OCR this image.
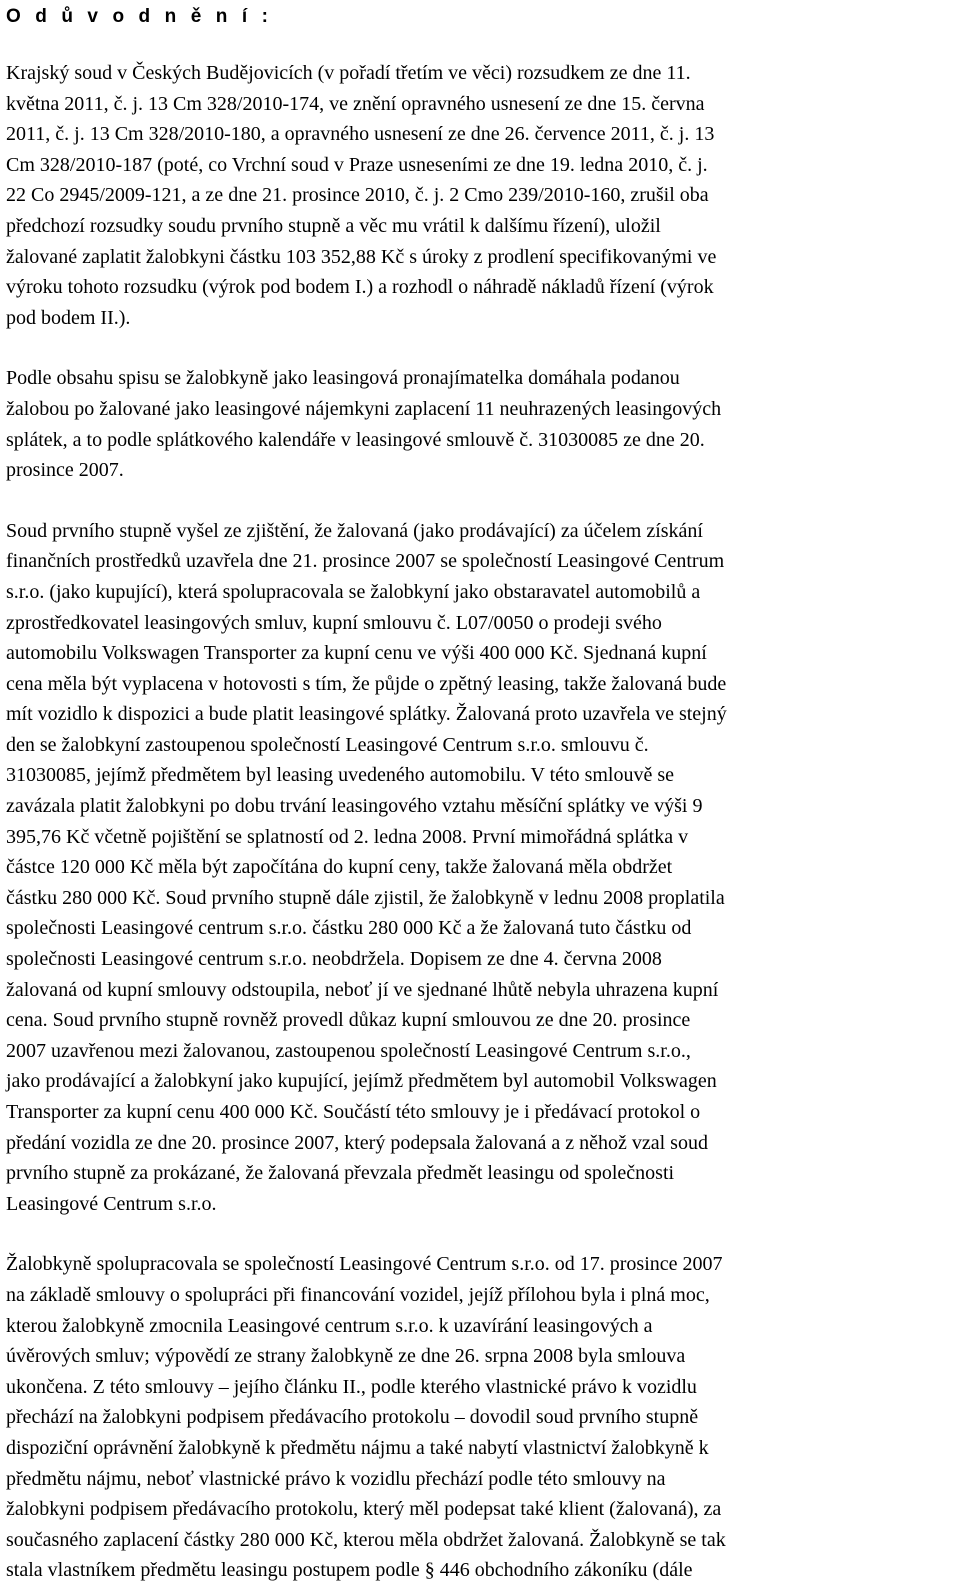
O d ů v o d n ě n í :

Krajský soud v Českých Budějovicích (v pořadí třetím ve věci) rozsudkem ze dne 11.
května 2011, č. j. 13 Cm 328/2010-174, ve znění opravného usnesení ze dne 15. června
2011, č. j. 13 Cm 328/2010-180, a opravného usnesení ze dne 26. července 2011, č. j. 13
Cm 328/2010-187 (poté, co Vrchní soud v Praze usneseními ze dne 19. ledna 2010, č. j.
22 Co 2945/2009-121, a ze dne 21. prosince 2010, č. j. 2 Cmo 239/2010-160, zrušil oba
předchozí rozsudky soudu prvního stupně a věc mu vrátil k dalšímu řízení), uložil
žalované zaplatit žalobkyni částku 103 352,88 Kč s úroky z prodlení specifikovanými ve
výroku tohoto rozsudku (výrok pod bodem I.) a rozhodl o náhradě nákladů řízení (výrok
pod bodem II.).

Podle obsahu spisu se žalobkyně jako leasingová pronajímatelka domáhala podanou
žalobou po žalované jako leasingové nájemkyni zaplacení 11 neuhrazených leasingových
splátek, a to podle splátkového kalendáře v leasingové smlouvě č. 31030085 ze dne 20.
prosince 2007.

Soud prvního stupně vyšel ze zjištění, že žalovaná (jako prodávající) za účelem získání
finančních prostředků uzavřela dne 21. prosince 2007 se společností Leasingové Centrum
s.r.o. (jako kupující), která spolupracovala se žalobkyní jako obstaravatel automobilů a
zprostředkovatel leasingových smluv, kupní smlouvu č. L07/0050 o prodeji svého
automobilu Volkswagen Transporter za kupní cenu ve výši 400 000 Kč. Sjednaná kupní
cena měla být vyplacena v hotovosti s tím, že půjde o zpětný leasing, takže žalovaná bude
mít vozidlo k dispozici a bude platit leasingové splátky. Žalovaná proto uzavřela ve stejný
den se žalobkyní zastoupenou společností Leasingové Centrum s.r.o. smlouvu č.
31030085, jejímž předmětem byl leasing uvedeného automobilu. V této smlouvě se
zavázala platit žalobkyni po dobu trvání leasingového vztahu měsíční splátky ve výši 9
395,76 Kč včetně pojištění se splatností od 2. ledna 2008. První mimořádná splátka v
částce 120 000 Kč měla být započítána do kupní ceny, takže žalovaná měla obdržet
částku 280 000 Kč. Soud prvního stupně dále zjistil, že žalobkyně v lednu 2008 proplatila
společnosti Leasingové centrum s.r.o. částku 280 000 Kč a že žalovaná tuto částku od
společnosti Leasingové centrum s.r.o. neobdržela. Dopisem ze dne 4. června 2008
žalovaná od kupní smlouvy odstoupila, neboť jí ve sjednané lhůtě nebyla uhrazena kupní
cena. Soud prvního stupně rovněž provedl důkaz kupní smlouvou ze dne 20. prosince
2007 uzavřenou mezi žalovanou, zastoupenou společností Leasingové Centrum s.r.o.,
jako prodávající a žalobkyní jako kupující, jejímž předmětem byl automobil Volkswagen
Transporter za kupní cenu 400 000 Kč. Součástí této smlouvy je i předávací protokol o
předání vozidla ze dne 20. prosince 2007, který podepsala žalovaná a z něhož vzal soud
prvního stupně za prokázané, že žalovaná převzala předmět leasingu od společnosti
Leasingové Centrum s.r.o.

Žalobkyně spolupracovala se společností Leasingové Centrum s.r.o. od 17. prosince 2007
na základě smlouvy o spolupráci při financování vozidel, jejíž přílohou byla i plná moc,
kterou žalobkyně zmocnila Leasingové centrum s.r.o. k uzavírání leasingových a
úvěrových smluv; výpovědí ze strany žalobkyně ze dne 26. srpna 2008 byla smlouva
ukončena. Z této smlouvy – jejího článku II., podle kterého vlastnické právo k vozidlu
přechází na žalobkyni podpisem předávacího protokolu – dovodil soud prvního stupně
dispoziční oprávnění žalobkyně k předmětu nájmu a také nabytí vlastnictví žalobkyně k
předmětu nájmu, neboť vlastnické právo k vozidlu přechází podle této smlouvy na
žalobkyni podpisem předávacího protokolu, který měl podepsat také klient (žalovaná), za
současného zaplacení částky 280 000 Kč, kterou měla obdržet žalovaná. Žalobkyně se tak
stala vlastníkem předmětu leasingu postupem podle § 446 obchodního zákoníku (dále
